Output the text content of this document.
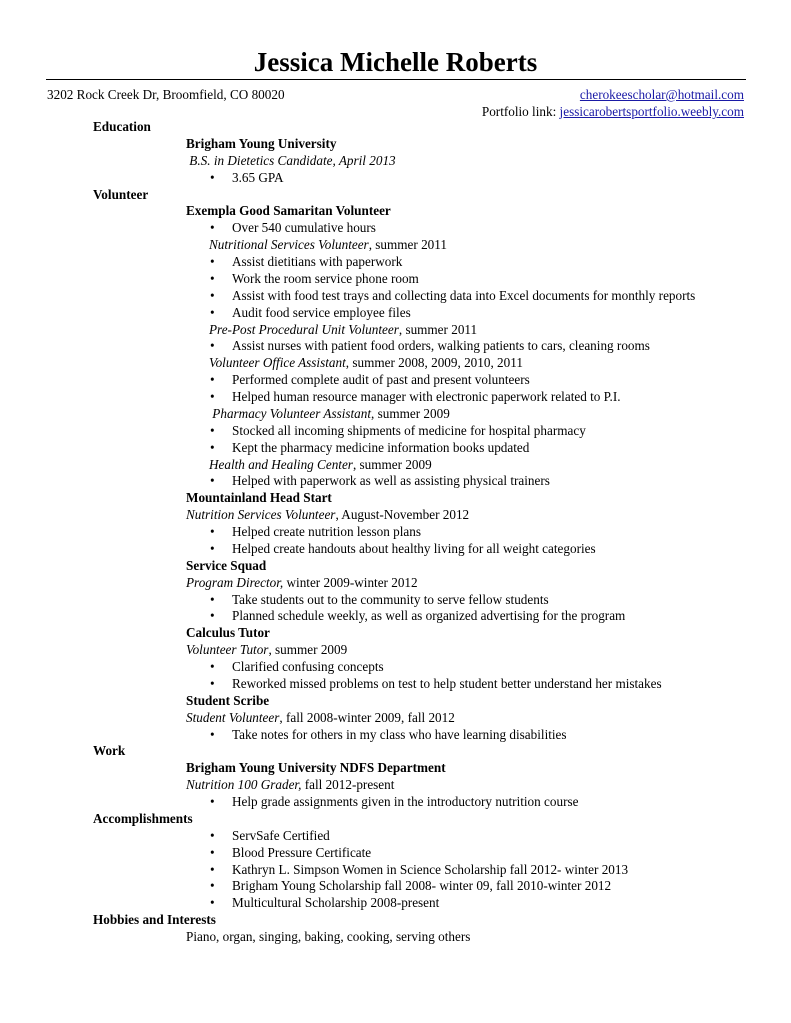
Jessica Michelle Roberts
3202 Rock Creek Dr, Broomfield, CO 80020	cherokeescholar@hotmail.com
Portfolio link: jessicarobertsportfolio.weebly.com
Education
Brigham Young University
B.S. in Dietetics Candidate, April 2013
• 3.65 GPA
Volunteer
Exempla Good Samaritan Volunteer
• Over 540 cumulative hours
Nutritional Services Volunteer, summer 2011
• Assist dietitians with paperwork
• Work the room service phone room
• Assist with food test trays and collecting data into Excel documents for monthly reports
• Audit food service employee files
Pre-Post Procedural Unit Volunteer, summer 2011
• Assist nurses with patient food orders, walking patients to cars, cleaning rooms
Volunteer Office Assistant, summer 2008, 2009, 2010, 2011
• Performed complete audit of past and present volunteers
• Helped human resource manager with electronic paperwork related to P.I.
Pharmacy Volunteer Assistant, summer 2009
• Stocked all incoming shipments of medicine for hospital pharmacy
• Kept the pharmacy medicine information books updated
Health and Healing Center, summer 2009
• Helped with paperwork as well as assisting physical trainers
Mountainland Head Start
Nutrition Services Volunteer, August-November 2012
• Helped create nutrition lesson plans
• Helped create handouts about healthy living for all weight categories
Service Squad
Program Director, winter 2009-winter 2012
• Take students out to the community to serve fellow students
• Planned schedule weekly, as well as organized advertising for the program
Calculus Tutor
Volunteer Tutor, summer 2009
• Clarified confusing concepts
• Reworked missed problems on test to help student better understand her mistakes
Student Scribe
Student Volunteer, fall 2008-winter 2009, fall 2012
• Take notes for others in my class who have learning disabilities
Work
Brigham Young University NDFS Department
Nutrition 100 Grader, fall 2012-present
• Help grade assignments given in the introductory nutrition course
Accomplishments
• ServSafe Certified
• Blood Pressure Certificate
• Kathryn L. Simpson Women in Science Scholarship fall 2012- winter 2013
• Brigham Young Scholarship fall 2008- winter 09, fall 2010-winter 2012
• Multicultural Scholarship 2008-present
Hobbies and Interests
Piano, organ, singing, baking, cooking, serving others
